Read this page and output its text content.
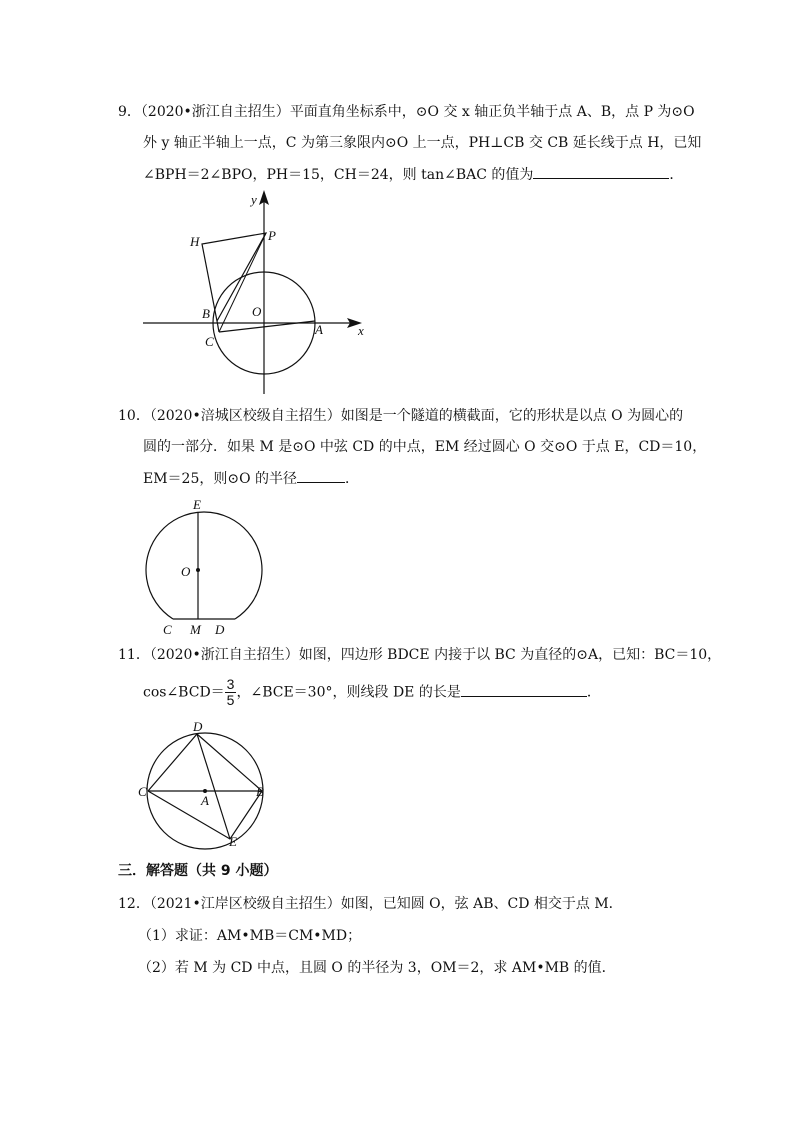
9．（2020•浙江自主招生）平面直角坐标系中，⊙O 交 x 轴正负半轴于点 A、B，点 P 为⊙O
外 y 轴正半轴上一点，C 为第三象限内⊙O 上一点，PH⊥CB 交 CB 延长线于点 H，已知
∠BPH＝2∠BPO，PH＝15，CH＝24，则 tan∠BAC 的值为	．
y
H	P
B	O
A
C
x
10．（2020•涪城区校级自主招生）如图是一个隧道的横截面，它的形状是以点 O 为圆心的
圆的一部分．如果 M 是⊙O 中弦 CD 的中点，EM 经过圆心 O 交⊙O 于点 E，CD＝10，
EM＝25，则⊙O 的半径	．
E
O
C M D
11．（2020•浙江自主招生）如图，四边形 BDCE 内接于以 BC 为直径的⊙A，已知：BC＝10，
cos∠BCD＝ $\frac{3}{5}$ ，∠BCE＝30°，则线段 DE 的长是	．
D
C
A
B
E
三．解答题（共 9 小题）
12．（2021•江岸区校级自主招生）如图，已知圆 O，弦 AB、CD 相交于点 M．
（1）求证：AM•MB＝CM•MD；
（2）若 M 为 CD 中点，且圆 O 的半径为 3，OM＝2，求 AM•MB 的值．
